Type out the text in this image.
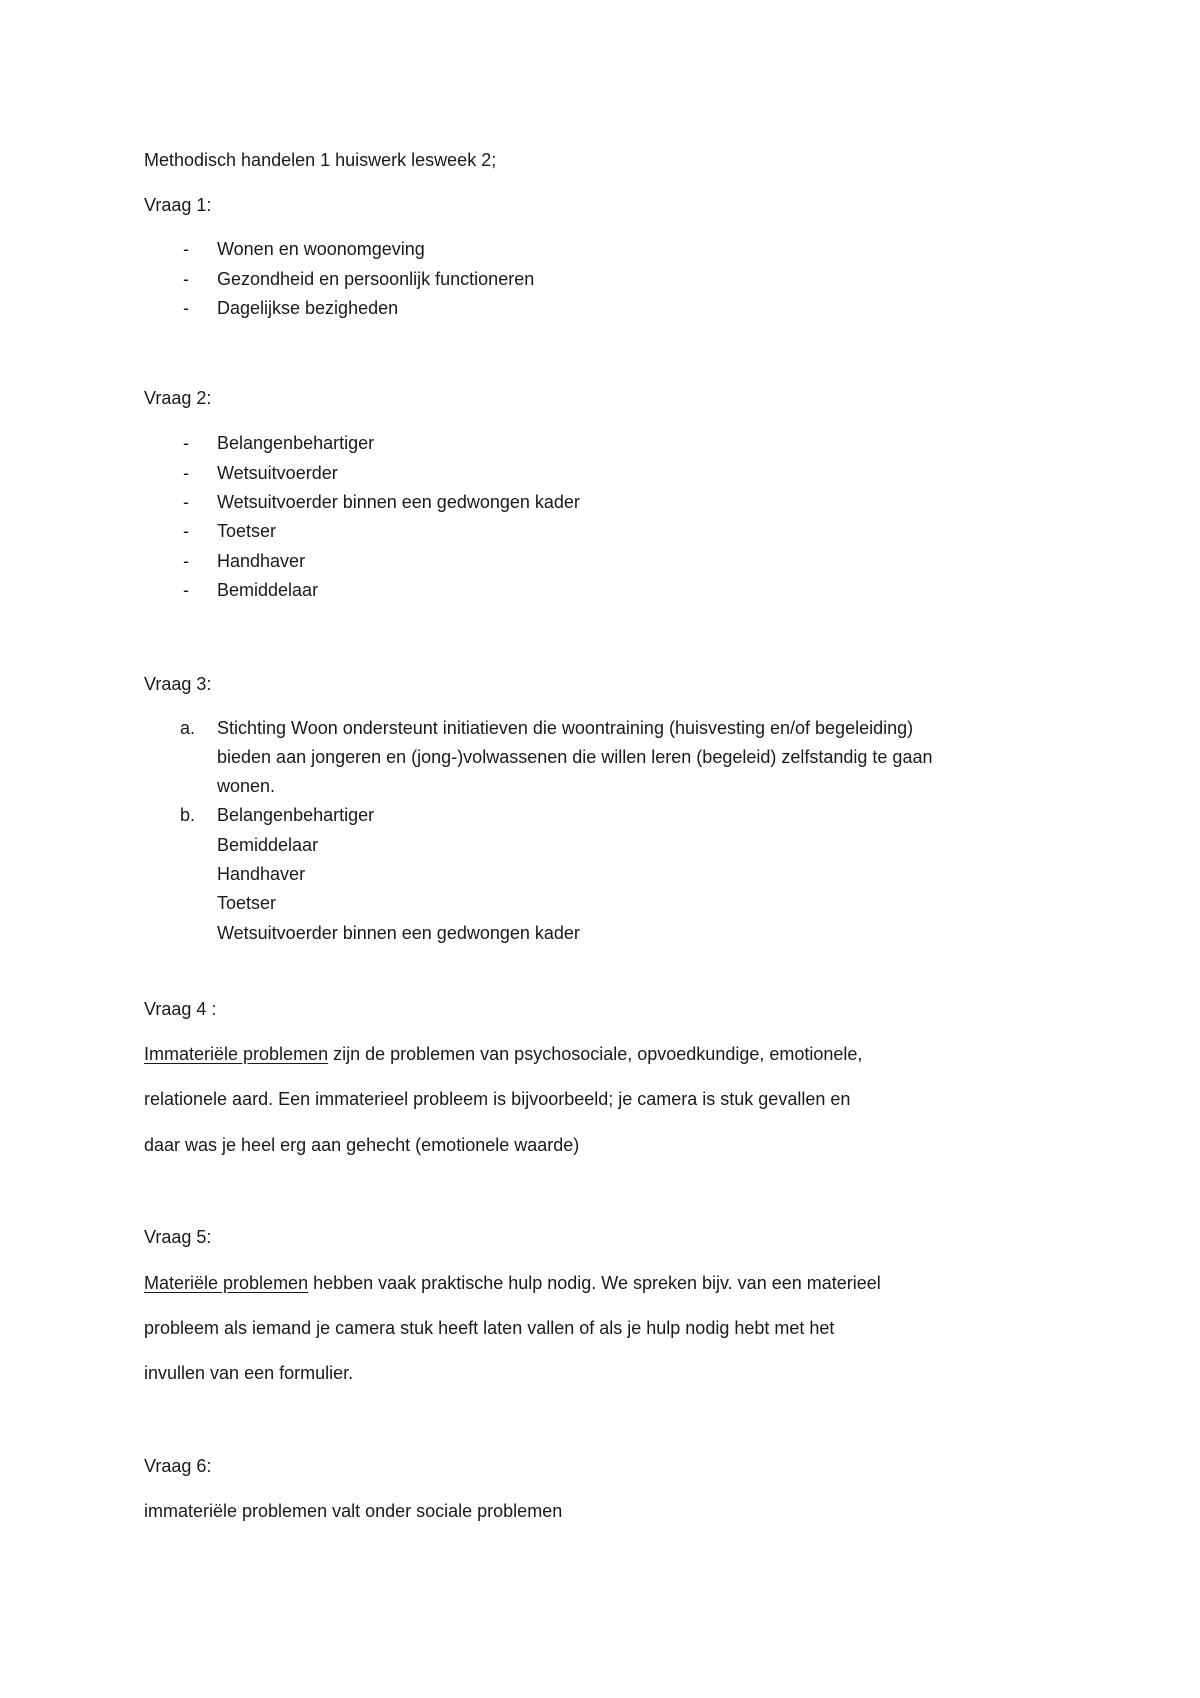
Methodisch handelen 1 huiswerk lesweek 2;
Vraag 1:
- Wonen en woonomgeving
- Gezondheid en persoonlijk functioneren
- Dagelijkse bezigheden
Vraag 2:
- Belangenbehartiger
- Wetsuitvoerder
- Wetsuitvoerder binnen een gedwongen kader
- Toetser
- Handhaver
- Bemiddelaar
Vraag 3:
a. Stichting Woon ondersteunt initiatieven die woontraining (huisvesting en/of begeleiding)
bieden aan jongeren en (jong-)volwassenen die willen leren (begeleid) zelfstandig te gaan
wonen.
b. Belangenbehartiger
Bemiddelaar
Handhaver
Toetser
Wetsuitvoerder binnen een gedwongen kader
Vraag 4 :
Immateriële problemen zijn de problemen van psychosociale, opvoedkundige, emotionele,
relationele aard. Een immaterieel probleem is bijvoorbeeld; je camera is stuk gevallen en
daar was je heel erg aan gehecht (emotionele waarde)
Vraag 5:
Materiële problemen hebben vaak praktische hulp nodig. We spreken bijv. van een materieel
probleem als iemand je camera stuk heeft laten vallen of als je hulp nodig hebt met het
invullen van een formulier.
Vraag 6:
immateriële problemen valt onder sociale problemen
